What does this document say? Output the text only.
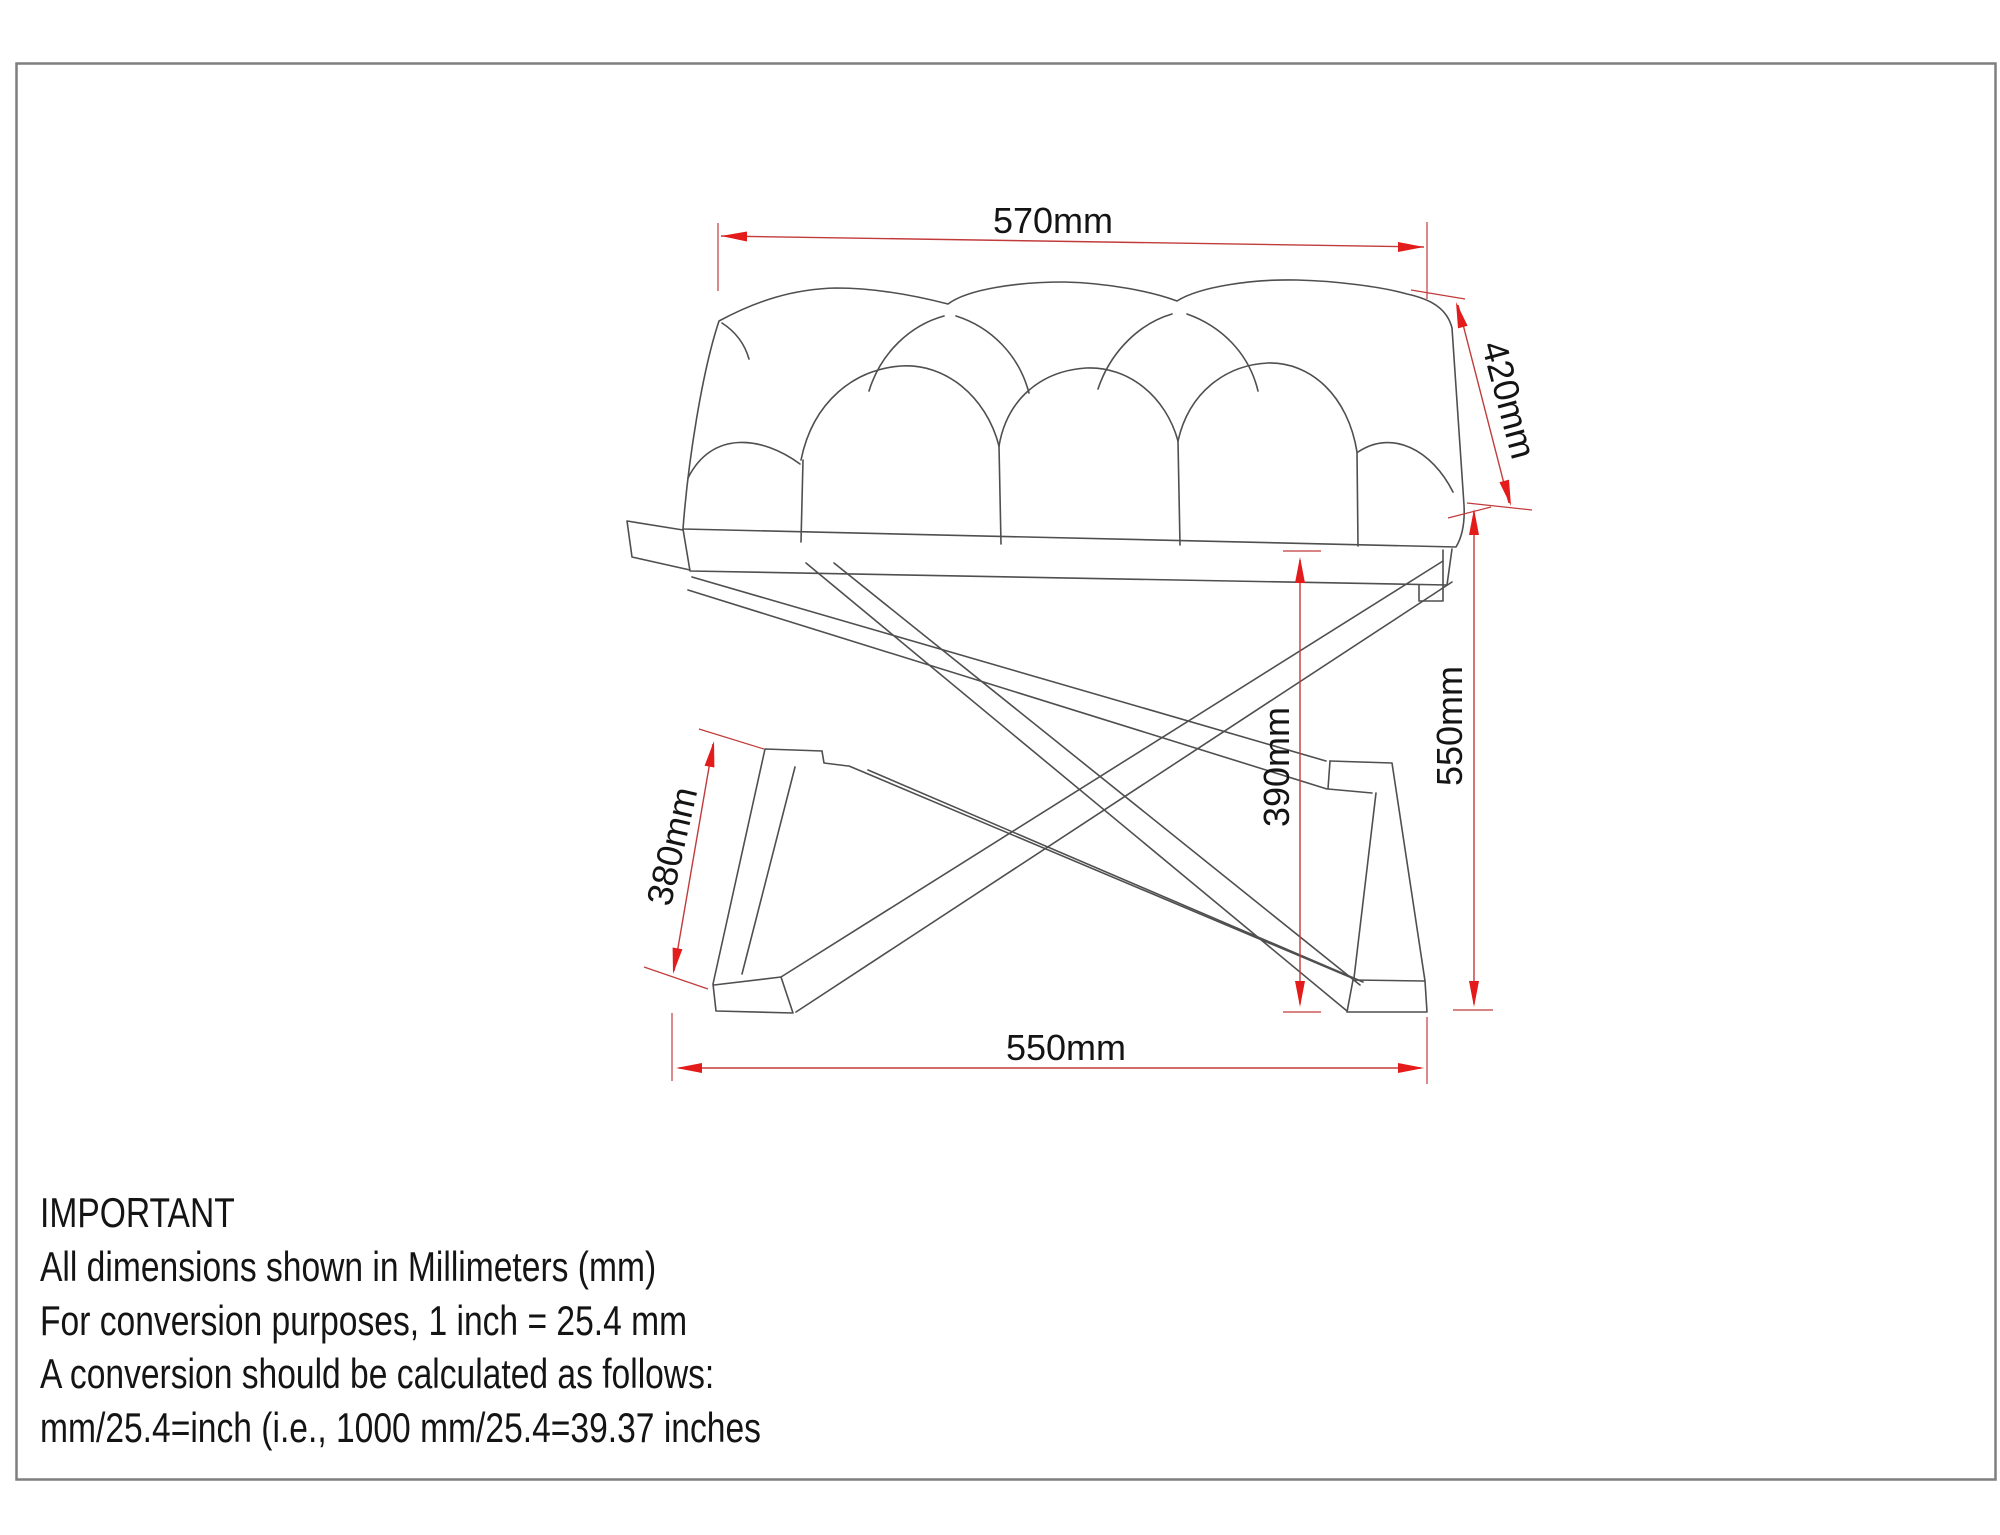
570mm
420mm
550mm
390mm
380mm
550mm
IMPORTANT
All dimensions shown in Millimeters (mm)
For conversion purposes, 1 inch = 25.4 mm
A conversion should be calculated as follows:
mm/25.4=inch (i.e., 1000 mm/25.4=39.37 inches
